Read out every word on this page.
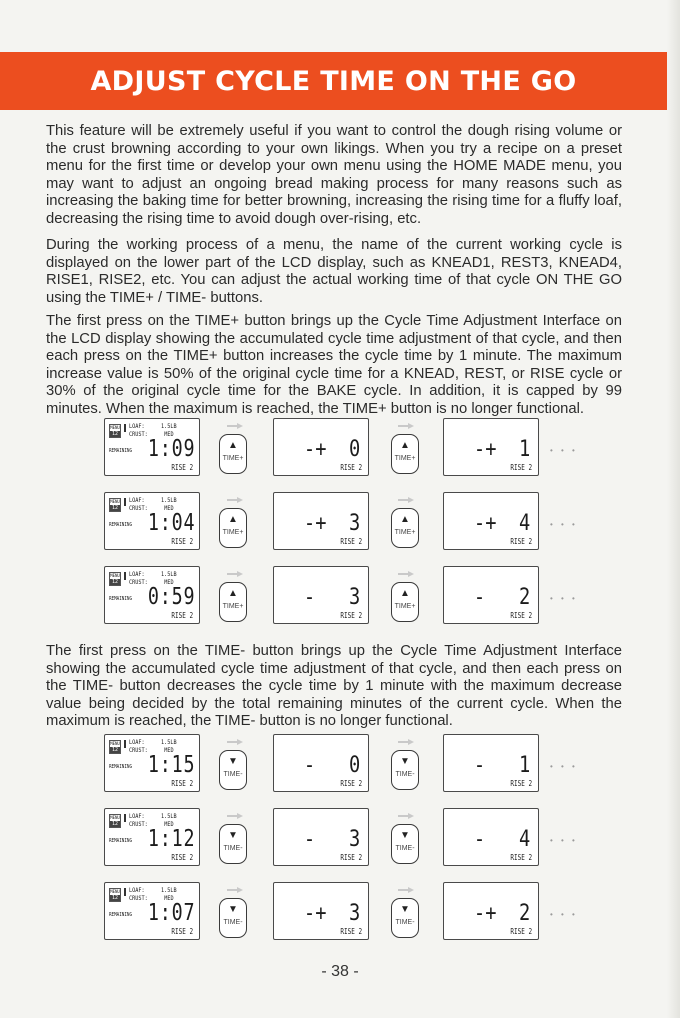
ADJUST CYCLE TIME ON THE GO

This feature will be extremely useful if you want to control the dough rising volume or the crust browning according to your own likings. When you try a recipe on a preset menu for the first time or develop your own menu using the HOME MADE menu, you may want to adjust an ongoing bread making process for many reasons such as increasing the baking time for better browning, increasing the rising time for a fluffy loaf, decreasing the rising time to avoid dough over-rising, etc.

During the working process of a menu, the name of the current working cycle is displayed on the lower part of the LCD display, such as KNEAD1, REST3, KNEAD4, RISE1, RISE2, etc. You can adjust the actual working time of that cycle ON THE GO using the TIME+ / TIME- buttons.

The first press on the TIME+ button brings up the Cycle Time Adjustment Interface on the LCD display showing the accumulated cycle time adjustment of that cycle, and then each press on the TIME+ button increases the cycle time by 1 minute. The maximum increase value is 50% of the original cycle time for a KNEAD, REST, or RISE cycle or 30% of the original cycle time for the BAKE cycle. In addition, it is capped by 99 minutes. When the maximum is reached, the TIME+ button is no longer functional.

The first press on the TIME- button brings up the Cycle Time Adjustment Interface showing the accumulated cycle time adjustment of that cycle, and then each press on the TIME- button decreases the cycle time by 1 minute with the maximum decrease value being decided by the total remaining minutes of the current cycle. When the maximum is reached, the TIME- button is no longer functional.

MENU
12
LOAF:
CRUST:
1.5LB
MED
REMAINING 1:09
RISE 2
▲
TIME+	-+  0
RISE 2
▲
TIME+	-+  1
RISE 2
• • •
MENU
12
LOAF:
CRUST:
1.5LB
MED
REMAINING 1:04
RISE 2
▲
TIME+	-+  3
RISE 2
▲
TIME+	-+  4
RISE 2
• • •
MENU
12
LOAF:
CRUST:
1.5LB
MED
REMAINING 0:59
RISE 2
▲
TIME+	-   3
RISE 2
▲
TIME+	-   2
RISE 2
• • •
MENU
12
LOAF:
CRUST:
1.5LB
MED
REMAINING 1:15
RISE 2
▼
TIME-	-   0
RISE 2
▼
TIME-	-   1
RISE 2
• • •
MENU
12
LOAF:
CRUST:
1.5LB
MED
REMAINING 1:12
RISE 2
▼
TIME-	-   3
RISE 2
▼
TIME-	-   4
RISE 2
• • •
MENU
12
LOAF:
CRUST:
1.5LB
MED
REMAINING 1:07
RISE 2
▼
TIME-	-+  3
RISE 2
▼
TIME-	-+  2
RISE 2
• • •
- 38 -
